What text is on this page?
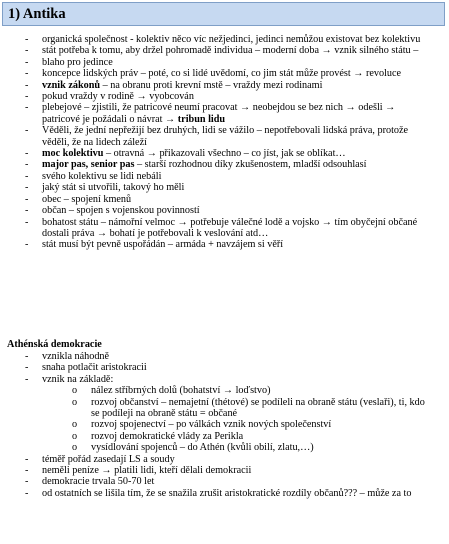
1) Antika
- organická společnost - kolektiv něco víc nežjedinci, jedinci nemůžou existovat bez kolektivu
- stát potřeba k tomu, aby držel pohromadě individua – moderní doba → vznik silného státu –
- blaho pro jedince
- koncepce lidských práv – poté, co si lidé uvědomí, co jim stát může provést → revoluce
- vznik zákonů – na obranu proti krevní mstě – vraždy mezi rodinami
- pokud vraždy v rodině → vyobcován
- plebejové – zjistili, že patricové neumí pracovat → neobejdou se bez nich → odešli → patricové je požádali o návrat → tribun lidu
- Věděli, že jední nepřežijí bez druhých, lidi se vážilo – nepotřebovali lidská práva, protože věděli, že na lidech záleží
- moc kolektivu – otravná → přikazovali všechno – co jíst, jak se oblíkat…
- major pas, senior pas – starší rozhodnou díky zkušenostem, mladší odsouhlasí
- svého kolektivu se lidi nebáli
- jaký stát si utvořili, takový ho měli
- obec – spojení kmenů
- občan – spojen s vojenskou povinností
- bohatost státu – námořní velmoc → potřebuje válečné lodě a vojsko → tím obyčejní občané dostali práva → bohatí je potřebovali k veslování atd…
- stát musí být pevně uspořádán – armáda + navzájem si věří
Athénská demokracie
- vznikla náhodně
- snaha potlačit aristokracii
- vznik na základě:
o nález stříbrných dolů (bohatství → loďstvo)
o rozvoj občanství – nemajetní (thétové) se podíleli na obraně státu (veslaři), ti, kdo se podíleji na obraně státu = občané
o rozvoj spojenectví – po válkách vznik nových společenství
o rozvoj demokratické vlády za Perikla
o vysídlování spojenců – do Athén (kvůli obilí, zlatu,…)
- téměř pořád zasedají LS a soudy
- neměli peníze → platili lidi, kteří dělali demokracii
- demokracie trvala 50-70 let
- od ostatních se lišila tím, že se snažila zrušit aristokratické rozdíly občanů??? – může za to
